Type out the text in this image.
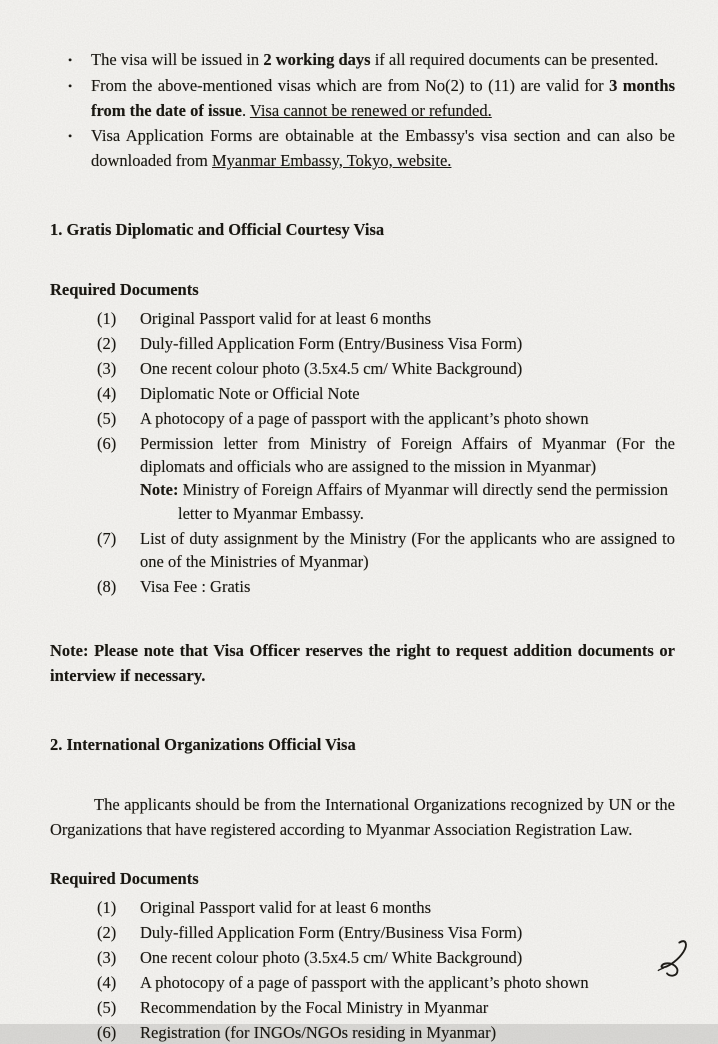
•	The visa will be issued in 2 working days if all required documents can be presented.
•	From the above-mentioned visas which are from No(2) to (11) are valid for 3 months from the date of issue. Visa cannot be renewed or refunded.
•	Visa Application Forms are obtainable at the Embassy's visa section and can also be downloaded from Myanmar Embassy, Tokyo, website.
1. Gratis Diplomatic and Official Courtesy Visa
Required Documents
(1)	Original Passport valid for at least 6 months
(2)	Duly-filled Application Form (Entry/Business Visa Form)
(3)	One recent colour photo (3.5x4.5 cm/ White Background)
(4)	Diplomatic Note or Official Note
(5)	A photocopy of a page of passport with the applicant’s photo shown
(6)	Permission letter from Ministry of Foreign Affairs of Myanmar (For the diplomats and officials who are assigned to the mission in Myanmar)
Note: Ministry of Foreign Affairs of Myanmar will directly send the permission letter to Myanmar Embassy.
(7)	List of duty assignment by the Ministry (For the applicants who are assigned to one of the Ministries of Myanmar)
(8)	Visa Fee : Gratis

Note: Please note that Visa Officer reserves the right to request addition documents or interview if necessary.

2. International Organizations Official Visa

The applicants should be from the International Organizations recognized by UN or the Organizations that have registered according to Myanmar Association Registration Law.

Required Documents
(1)	Original Passport valid for at least 6 months
(2)	Duly-filled Application Form (Entry/Business Visa Form)
(3)	One recent colour photo (3.5x4.5 cm/ White Background)
(4)	A photocopy of a page of passport with the applicant’s photo shown
(5)	Recommendation by the Focal Ministry in Myanmar
(6)	Registration (for INGOs/NGOs residing in Myanmar)
